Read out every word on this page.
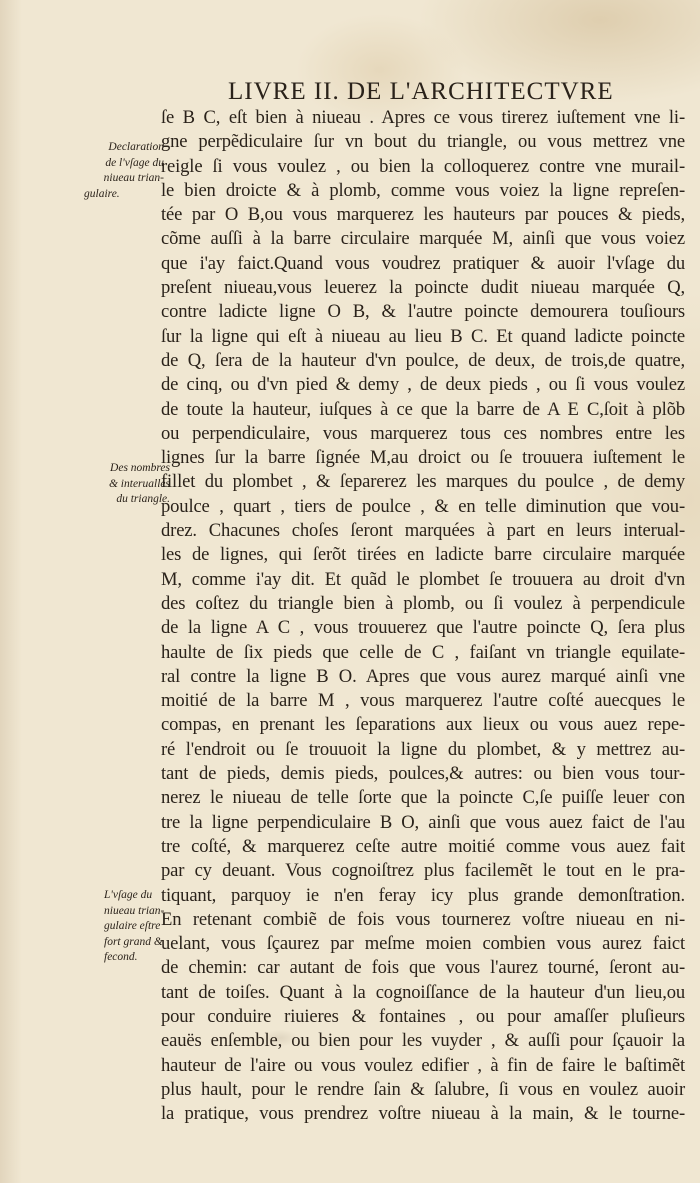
LIVRE II. DE L'ARCHITECTVRE
Declaration
de l'vſage du
niueau trian-
gulaire.
Des nombres
& interualles
du triangle.
L'vſage du
niueau trian-
gulaire eſtre
fort grand &
fecond.
ſe B C, eſt bien à niueau . Apres ce vous tirerez iuſtement vne li-
gne perpẽdiculaire ſur vn bout du triangle, ou vous mettrez vne
reigle ſi vous voulez , ou bien la colloquerez contre vne murail-
le bien droicte & à plomb, comme vous voiez la ligne repreſen-
tée par O B,ou vous marquerez les hauteurs par pouces & pieds,
cõme auſſi à la barre circulaire marquée M, ainſi que vous voiez
que i'ay faict.Quand vous voudrez pratiquer & auoir l'vſage du
preſent niueau,vous leuerez la poincte dudit niueau marquée Q,
contre ladicte ligne O B, & l'autre poincte demourera touſiours
ſur la ligne qui eſt à niueau au lieu B C. Et quand ladicte poincte
de Q, ſera de la hauteur d'vn poulce, de deux, de trois,de quatre,
de cinq, ou d'vn pied & demy , de deux pieds , ou ſi vous voulez
de toute la hauteur, iuſques à ce que la barre de A E C,ſoit à plõb
ou perpendiculaire, vous marquerez tous ces nombres entre les
lignes ſur la barre ſignée M,au droict ou ſe trouuera iuſtement le
fillet du plombet , & ſeparerez les marques du poulce , de demy
poulce , quart , tiers de poulce , & en telle diminution que vou-
drez. Chacunes choſes ſeront marquées à part en leurs interual-
les de lignes, qui ſerõt tirées en ladicte barre circulaire marquée
M, comme i'ay dit. Et quãd le plombet ſe trouuera au droit d'vn
des coſtez du triangle bien à plomb, ou ſi voulez à perpendicule
de la ligne A C , vous trouuerez que l'autre poincte Q, ſera plus
haulte de ſix pieds que celle de C , faiſant vn triangle equilate-
ral contre la ligne B O. Apres que vous aurez marqué ainſi vne
moitié de la barre M , vous marquerez l'autre coſté auecques le
compas, en prenant les ſeparations aux lieux ou vous auez repe-
ré l'endroit ou ſe trouuoit la ligne du plombet, & y mettrez au-
tant de pieds, demis pieds, poulces,& autres: ou bien vous tour-
nerez le niueau de telle ſorte que la poincte C,ſe puiſſe leuer con
tre la ligne perpendiculaire B O, ainſi que vous auez faict de l'au
tre coſté, & marquerez ceſte autre moitié comme vous auez fait
par cy deuant. Vous cognoiſtrez plus facilemẽt le tout en le pra-
tiquant, parquoy ie n'en feray icy plus grande demonſtration.
En retenant combiẽ de fois vous tournerez voſtre niueau en ni-
uelant, vous ſçaurez par meſme moien combien vous aurez faict
de chemin: car autant de fois que vous l'aurez tourné, ſeront au-
tant de toiſes. Quant à la cognoiſſance de la hauteur d'un lieu,ou
pour conduire riuieres & fontaines , ou pour amaſſer pluſieurs
eauës enſemble, ou bien pour les vuyder , & auſſi pour ſçauoir la
hauteur de l'aire ou vous voulez edifier , à fin de faire le baſtimẽt
plus hault, pour le rendre ſain & ſalubre, ſi vous en voulez auoir
la pratique, vous prendrez voſtre niueau à la main, & le tourne-
